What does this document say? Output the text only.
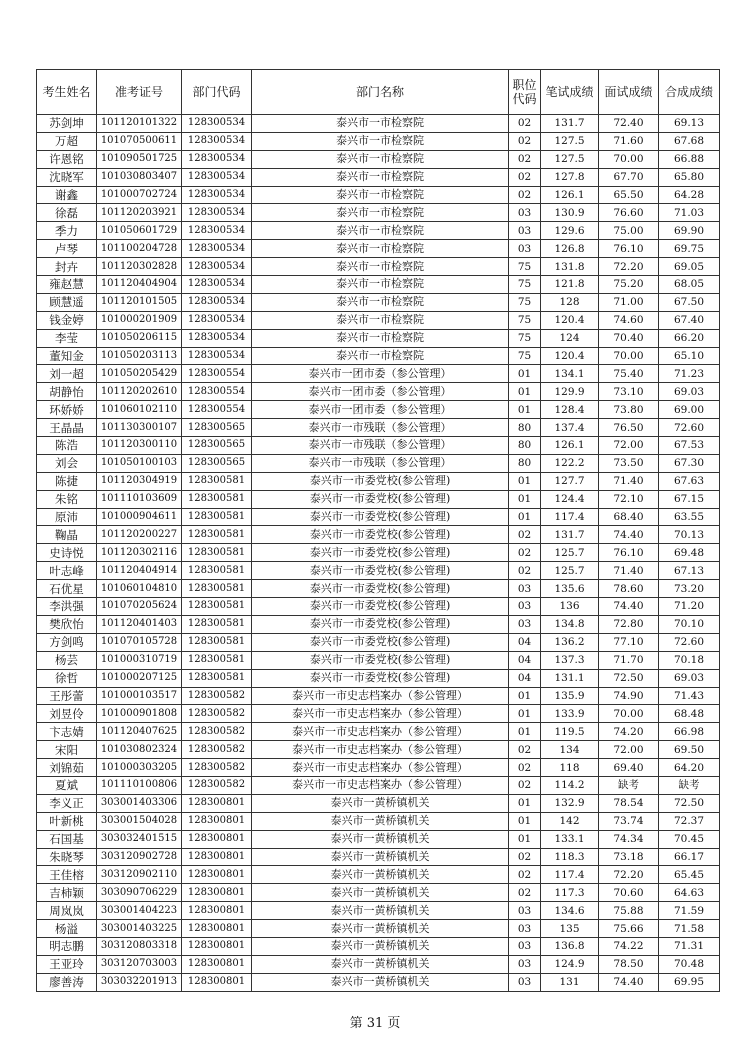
考生姓名	准考证号	部门代码	部门名称	职位代码	笔试成绩	面试成绩	合成成绩
苏剑坤	101120101322	128300534	泰兴市一市检察院	02	131.7	72.40	69.13
万超	101070500611	128300534	泰兴市一市检察院	02	127.5	71.60	67.68
许恩铭	101090501725	128300534	泰兴市一市检察院	02	127.5	70.00	66.88
沈晓军	101030803407	128300534	泰兴市一市检察院	02	127.8	67.70	65.80
谢鑫	101000702724	128300534	泰兴市一市检察院	02	126.1	65.50	64.28
徐磊	101120203921	128300534	泰兴市一市检察院	03	130.9	76.60	71.03
季力	101050601729	128300534	泰兴市一市检察院	03	129.6	75.00	69.90
卢琴	101100204728	128300534	泰兴市一市检察院	03	126.8	76.10	69.75
封卉	101120302828	128300534	泰兴市一市检察院	75	131.8	72.20	69.05
雍赵慧	101120404904	128300534	泰兴市一市检察院	75	121.8	75.20	68.05
顾慧遥	101120101505	128300534	泰兴市一市检察院	75	128	71.00	67.50
钱金婷	101000201909	128300534	泰兴市一市检察院	75	120.4	74.60	67.40
李莹	101050206115	128300534	泰兴市一市检察院	75	124	70.40	66.20
董知金	101050203113	128300534	泰兴市一市检察院	75	120.4	70.00	65.10
刘一超	101050205429	128300554	泰兴市一团市委（参公管理）	01	134.1	75.40	71.23
胡静怡	101120202610	128300554	泰兴市一团市委（参公管理）	01	129.9	73.10	69.03
环娇娇	101060102110	128300554	泰兴市一团市委（参公管理）	01	128.4	73.80	69.00
王晶晶	101130300107	128300565	泰兴市一市残联（参公管理）	80	137.4	76.50	72.60
陈浩	101120300110	128300565	泰兴市一市残联（参公管理）	80	126.1	72.00	67.53
刘会	101050100103	128300565	泰兴市一市残联（参公管理）	80	122.2	73.50	67.30
陈捷	101120304919	128300581	泰兴市一市委党校(参公管理)	01	127.7	71.40	67.63
朱铭	101110103609	128300581	泰兴市一市委党校(参公管理)	01	124.4	72.10	67.15
原沛	101000904611	128300581	泰兴市一市委党校(参公管理)	01	117.4	68.40	63.55
鞠晶	101120200227	128300581	泰兴市一市委党校(参公管理)	02	131.7	74.40	70.13
史诗悦	101120302116	128300581	泰兴市一市委党校(参公管理)	02	125.7	76.10	69.48
叶志峰	101120404914	128300581	泰兴市一市委党校(参公管理)	02	125.7	71.40	67.13
石优星	101060104810	128300581	泰兴市一市委党校(参公管理)	03	135.6	78.60	73.20
李洪强	101070205624	128300581	泰兴市一市委党校(参公管理)	03	136	74.40	71.20
樊欣怡	101120401403	128300581	泰兴市一市委党校(参公管理)	03	134.8	72.80	70.10
方剑鸣	101070105728	128300581	泰兴市一市委党校(参公管理)	04	136.2	77.10	72.60
杨芸	101000310719	128300581	泰兴市一市委党校(参公管理)	04	137.3	71.70	70.18
徐哲	101000207125	128300581	泰兴市一市委党校(参公管理)	04	131.1	72.50	69.03
王彤蕾	101000103517	128300582	泰兴市一市史志档案办（参公管理）	01	135.9	74.90	71.43
刘昱伶	101000901808	128300582	泰兴市一市史志档案办（参公管理）	01	133.9	70.00	68.48
卞志婧	101120407625	128300582	泰兴市一市史志档案办（参公管理）	01	119.5	74.20	66.98
宋阳	101030802324	128300582	泰兴市一市史志档案办（参公管理）	02	134	72.00	69.50
刘锦茹	101000303205	128300582	泰兴市一市史志档案办（参公管理）	02	118	69.40	64.20
夏斌	101110100806	128300582	泰兴市一市史志档案办（参公管理）	02	114.2	缺考	缺考
李义正	303001403306	128300801	泰兴市一黄桥镇机关	01	132.9	78.54	72.50
叶新桃	303001504028	128300801	泰兴市一黄桥镇机关	01	142	73.74	72.37
石国基	303032401515	128300801	泰兴市一黄桥镇机关	01	133.1	74.34	70.45
朱晓琴	303120902728	128300801	泰兴市一黄桥镇机关	02	118.3	73.18	66.17
王佳榕	303120902110	128300801	泰兴市一黄桥镇机关	02	117.4	72.20	65.45
吉柿颖	303090706229	128300801	泰兴市一黄桥镇机关	02	117.3	70.60	64.63
周岚岚	303001404223	128300801	泰兴市一黄桥镇机关	03	134.6	75.88	71.59
杨溢	303001403225	128300801	泰兴市一黄桥镇机关	03	135	75.66	71.58
明志鹏	303120803318	128300801	泰兴市一黄桥镇机关	03	136.8	74.22	71.31
王亚玲	303120703003	128300801	泰兴市一黄桥镇机关	03	124.9	78.50	70.48
廖善涛	303032201913	128300801	泰兴市一黄桥镇机关	03	131	74.40	69.95
第 31 页
